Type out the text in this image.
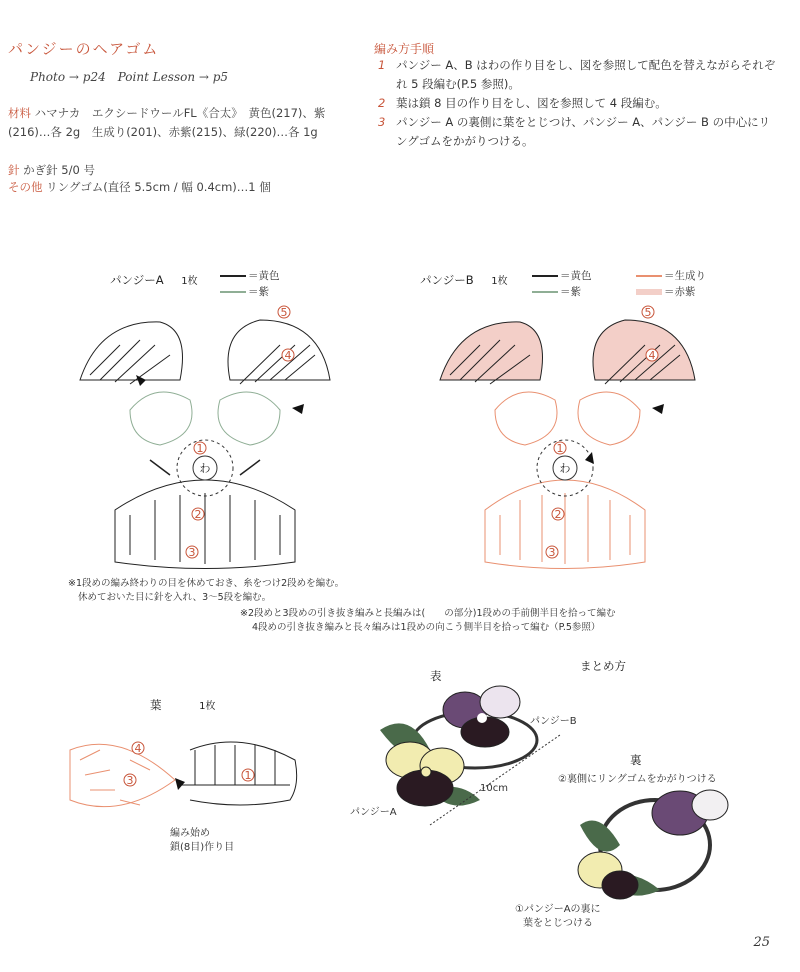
パンジーのヘアゴム
Photo → p24　Point Lesson → p5
材料 ハマナカ　エクシードウールFL《合太》　黄色(217)、紫(216)…各 2g　生成り(201)、赤紫(215)、緑(220)…各 1g
針 かぎ針 5/0 号
その他 リングゴム(直径 5.5cm / 幅 0.4cm)…1 個
編み方手順
1 パンジー A、B はわの作り目をし、図を参照して配色を替えながらそれぞれ 5 段編む(P.5 参照)。
2 葉は鎖 8 目の作り目をし、図を参照して 4 段編む。
3 パンジー A の裏側に葉をとじつけ、パンジー A、パンジー B の中心にリングゴムをかがりつける。
パンジーA 1枚	＝黄色
＝紫
パンジーB 1枚	＝黄色
＝紫
＝生成り
＝赤紫
わ
1
2
3
4
5
わ
1
2
3
4
5
※1段めの編み終わりの目を休めておき、糸をつけ2段めを編む。
休めておいた目に針を入れ、3〜5段を編む。
※2段めと3段めの引き抜き編みと長編みは(　　の部分)1段めの手前側半目を拾って編む
4段めの引き抜き編みと長々編みは1段めの向こう側半目を拾って編む（P.5参照）
葉	1枚
4
3	1
編み始め
鎖(8目)作り目
まとめ方
表
パンジーB
パンジーA
10cm
裏
②裏側にリングゴムをかがりつける
①パンジーAの裏に
葉をとじつける
25
